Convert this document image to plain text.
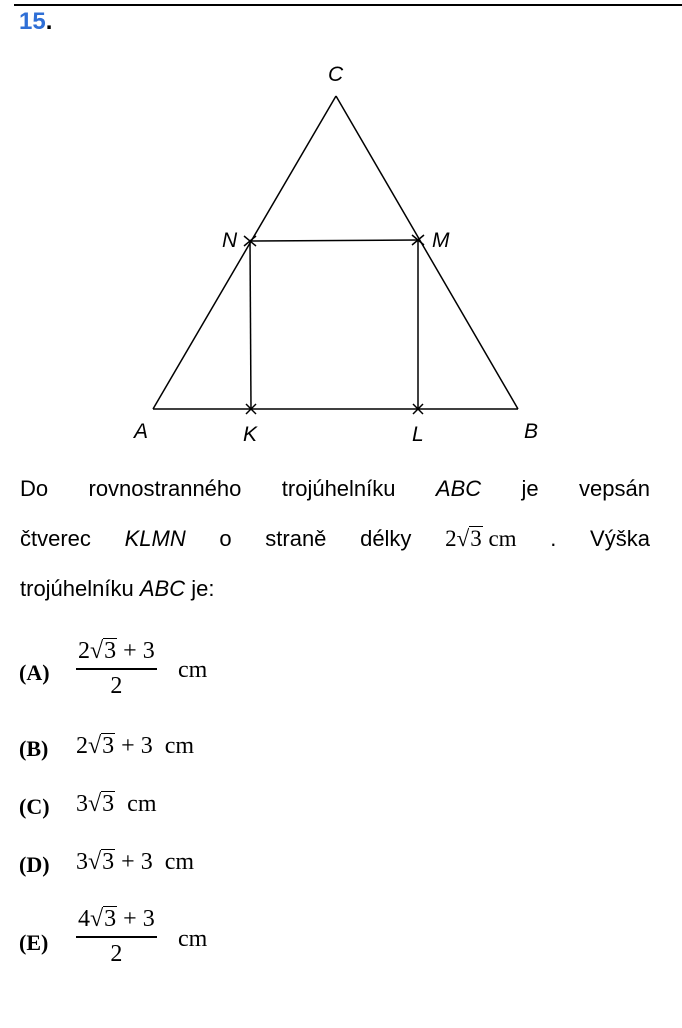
15.
C
N	M
A	K	L	B
Do rovnostranného trojúhelníku ABC je vepsán
čtverec KLMN o straně délky 2√3 cm . Výška
trojúhelníku ABC je:
(A)
2√3 + 3
2
cm
(B) 2√3 + 3 cm
(C) 3√3 cm
(D) 3√3 + 3 cm
(E)
4√3 + 3
2
cm
